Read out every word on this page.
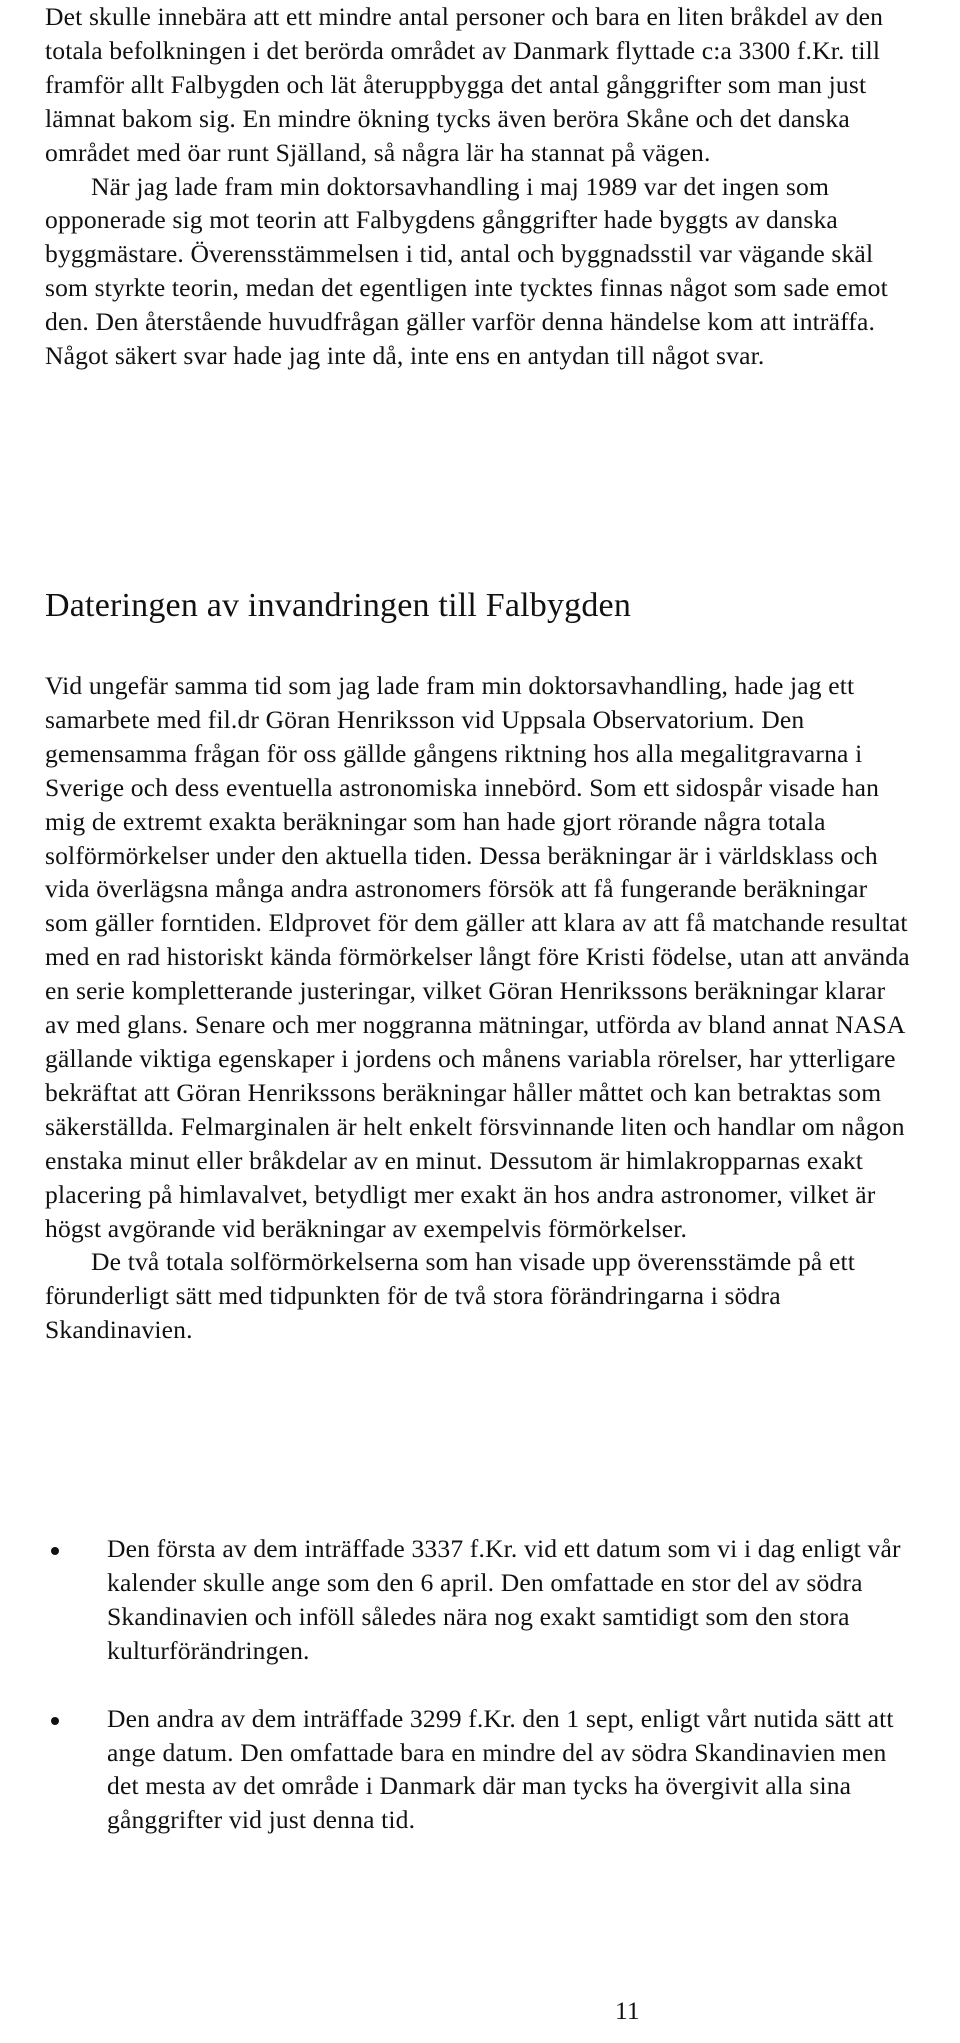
Det skulle innebära att ett mindre antal personer och bara en liten bråkdel av den totala befolkningen i det berörda området av Danmark flyttade c:a 3300 f.Kr. till framför allt Falbygden och lät återuppbygga det antal gånggrifter som man just lämnat bakom sig. En mindre ökning tycks även beröra Skåne och det danska området med öar runt Själland, så några lär ha stannat på vägen.

När jag lade fram min doktorsavhandling i maj 1989 var det ingen som opponerade sig mot teorin att Falbygdens gånggrifter hade byggts av danska byggmästare. Överensstämmelsen i tid, antal och byggnadsstil var vägande skäl som styrkte teorin, medan det egentligen inte tycktes finnas något som sade emot den. Den återstående huvudfrågan gäller varför denna händelse kom att inträffa. Något säkert svar hade jag inte då, inte ens en antydan till något svar.

Dateringen av invandringen till Falbygden

Vid ungefär samma tid som jag lade fram min doktorsavhandling, hade jag ett samarbete med fil.dr Göran Henriksson vid Uppsala Observatorium. Den gemensamma frågan för oss gällde gångens riktning hos alla megalitgravarna i Sverige och dess eventuella astronomiska innebörd. Som ett sidospår visade han mig de extremt exakta beräkningar som han hade gjort rörande några totala solförmörkelser under den aktuella tiden. Dessa beräkningar är i världsklass och vida överlägsna många andra astronomers försök att få fungerande beräkningar som gäller forntiden. Eldprovet för dem gäller att klara av att få matchande resultat med en rad historiskt kända förmörkelser långt före Kristi födelse, utan att använda en serie kompletterande justeringar, vilket Göran Henrikssons beräkningar klarar av med glans. Senare och mer noggranna mätningar, utförda av bland annat NASA gällande viktiga egenskaper i jordens och månens variabla rörelser, har ytterligare bekräftat att Göran Henrikssons beräkningar håller måttet och kan betraktas som säkerställda. Felmarginalen är helt enkelt försvinnande liten och handlar om någon enstaka minut eller bråkdelar av en minut. Dessutom är himlakropparnas exakt placering på himlavalvet, betydligt mer exakt än hos andra astronomer, vilket är högst avgörande vid beräkningar av exempelvis förmörkelser.

De två totala solförmörkelserna som han visade upp överensstämde på ett förunderligt sätt med tidpunkten för de två stora förändringarna i södra Skandinavien.

Den första av dem inträffade 3337 f.Kr. vid ett datum som vi i dag enligt vår kalender skulle ange som den 6 april. Den omfattade en stor del av södra Skandinavien och inföll således nära nog exakt samtidigt som den stora kulturförändringen.

Den andra av dem inträffade 3299 f.Kr. den 1 sept, enligt vårt nutida sätt att ange datum. Den omfattade bara en mindre del av södra Skandinavien men det mesta av det område i Danmark där man tycks ha övergivit alla sina gånggrifter vid just denna tid.

11
